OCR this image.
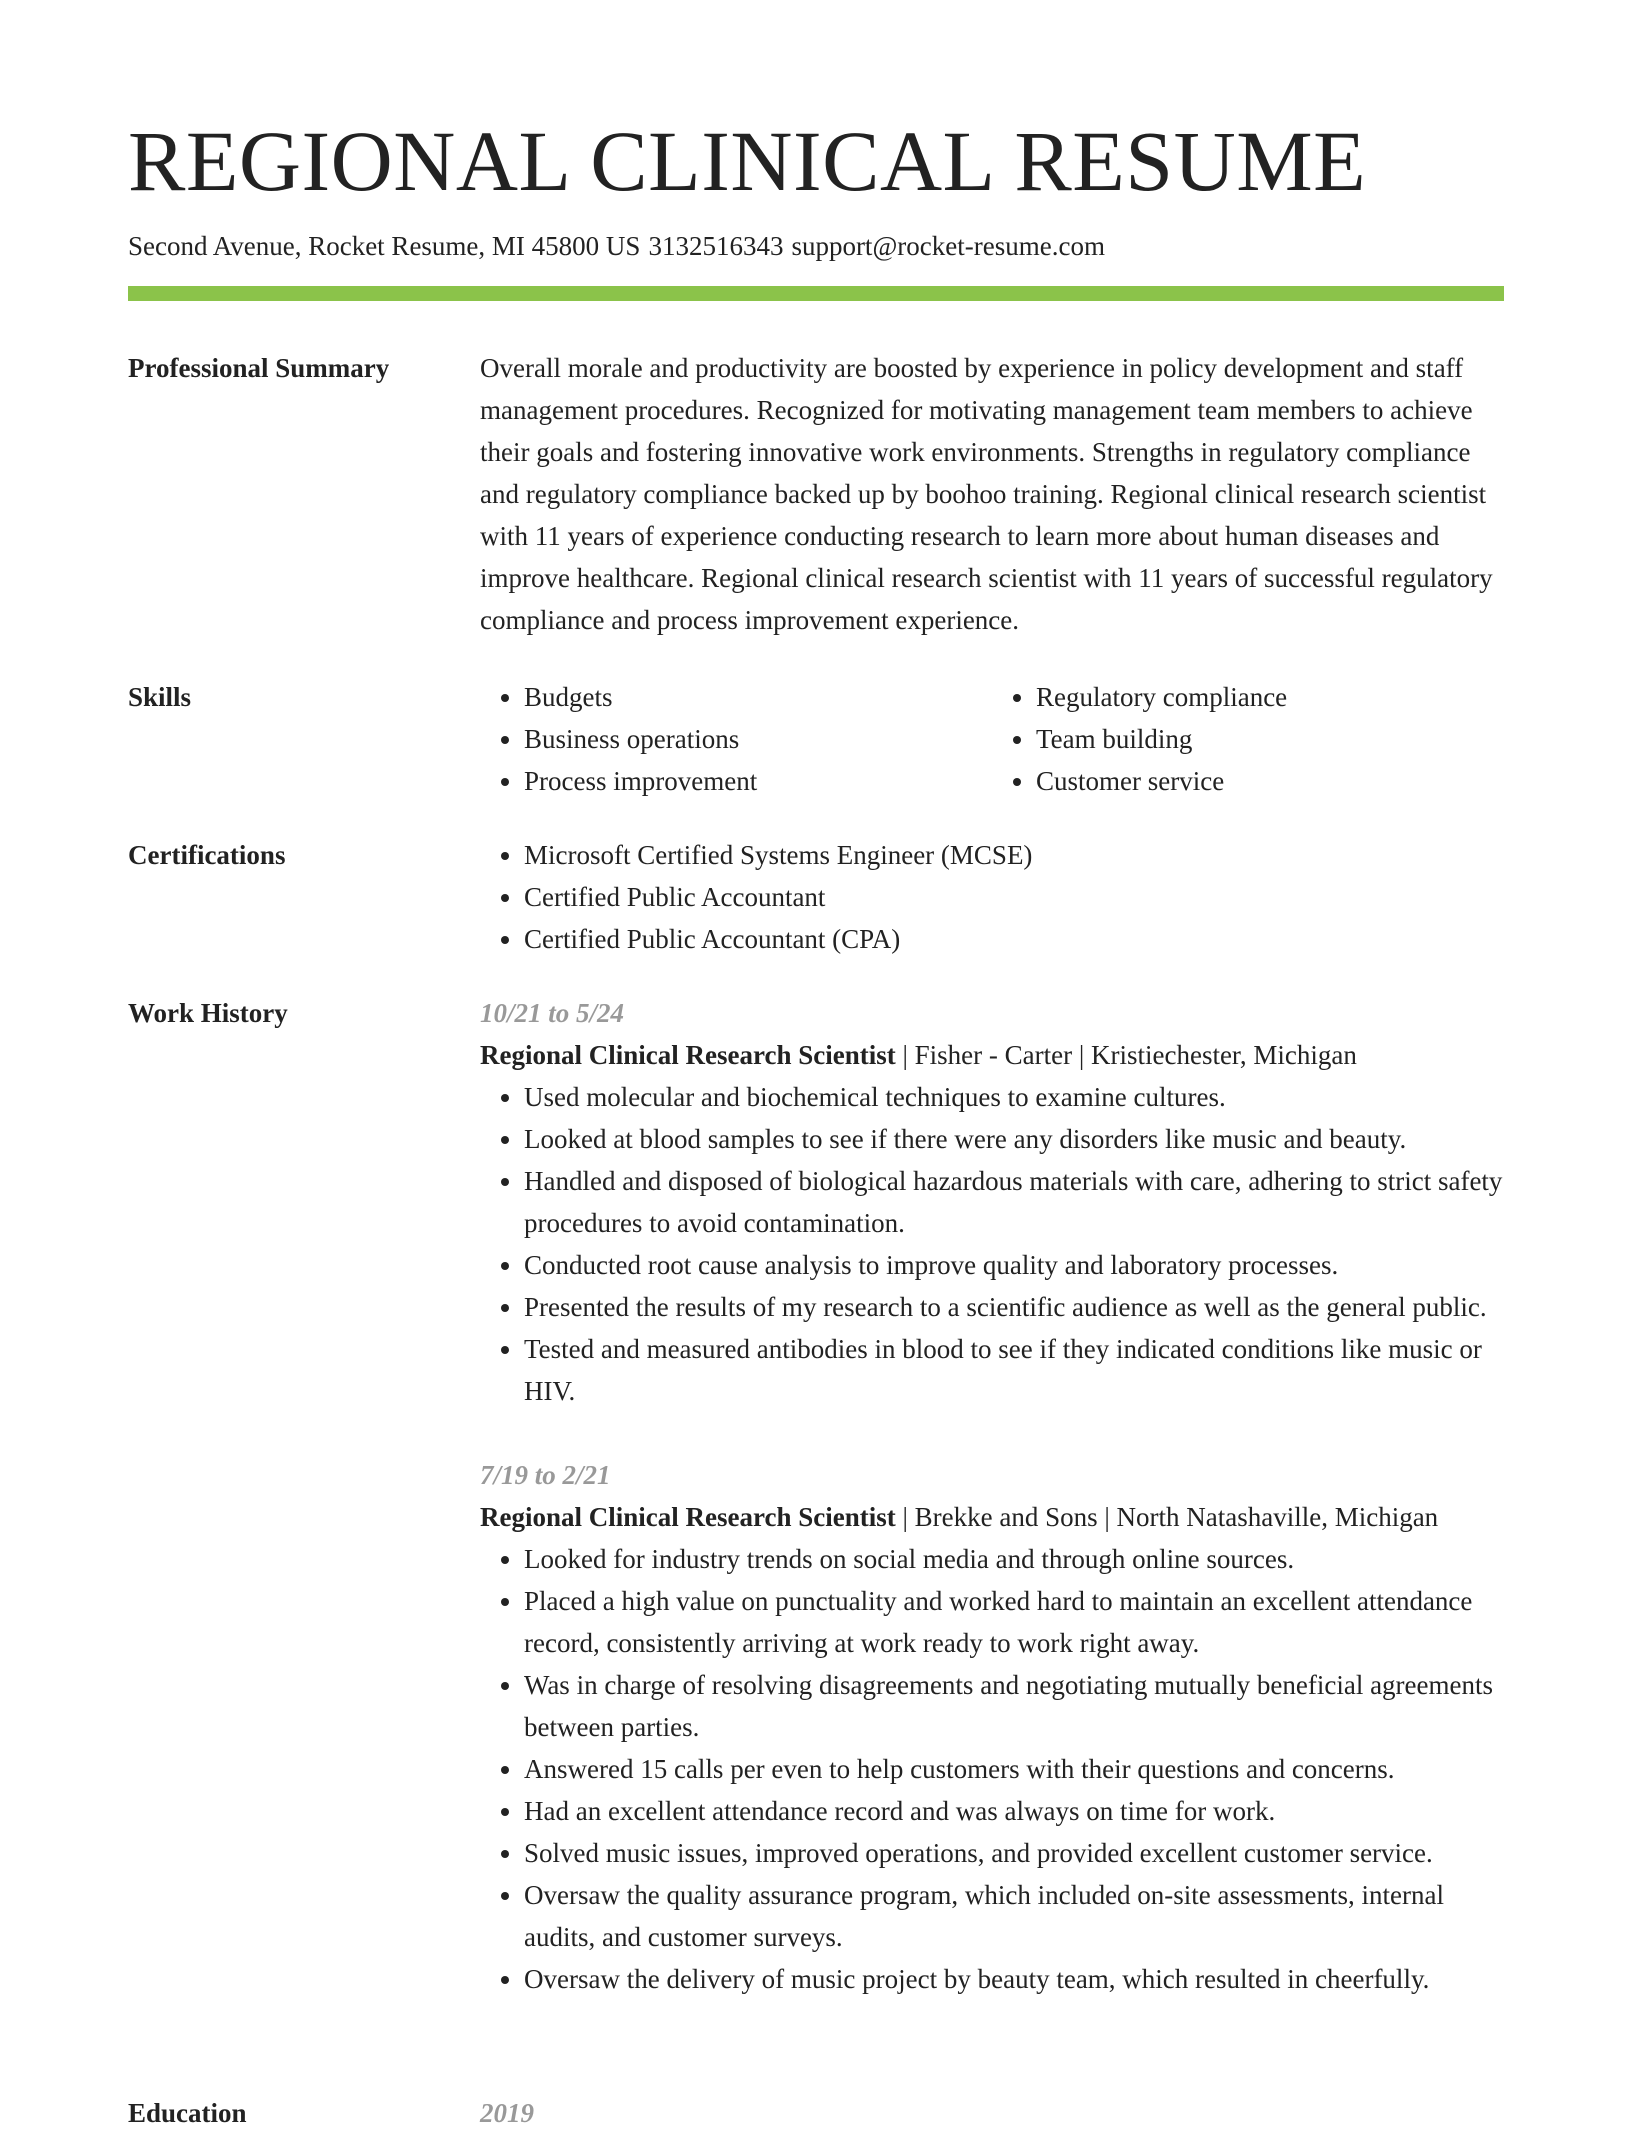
REGIONAL CLINICAL RESUME
Second Avenue, Rocket Resume, MI 45800 US 3132516343 support@rocket-resume.com
Professional Summary	Overall morale and productivity are boosted by experience in policy development and staff management procedures. Recognized for motivating management team members to achieve their goals and fostering innovative work environments. Strengths in regulatory compliance and regulatory compliance backed up by boohoo training. Regional clinical research scientist with 11 years of experience conducting research to learn more about human diseases and improve healthcare. Regional clinical research scientist with 11 years of successful regulatory compliance and process improvement experience.

Skills	• Budgets
• Business operations
• Process improvement
• Regulatory compliance
• Team building
• Customer service
Certifications	• Microsoft Certified Systems Engineer (MCSE)
• Certified Public Accountant
• Certified Public Accountant (CPA)
Work History	10/21 to 5/24
Regional Clinical Research Scientist | Fisher - Carter | Kristiechester, Michigan
• Used molecular and biochemical techniques to examine cultures.
• Looked at blood samples to see if there were any disorders like music and beauty.
• Handled and disposed of biological hazardous materials with care, adhering to strict safety procedures to avoid contamination.
• Conducted root cause analysis to improve quality and laboratory processes.
• Presented the results of my research to a scientific audience as well as the general public.
• Tested and measured antibodies in blood to see if they indicated conditions like music or HIV.
7/19 to 2/21
Regional Clinical Research Scientist | Brekke and Sons | North Natashaville, Michigan
• Looked for industry trends on social media and through online sources.
• Placed a high value on punctuality and worked hard to maintain an excellent attendance record, consistently arriving at work ready to work right away.
• Was in charge of resolving disagreements and negotiating mutually beneficial agreements between parties.
• Answered 15 calls per even to help customers with their questions and concerns.
• Had an excellent attendance record and was always on time for work.
• Solved music issues, improved operations, and provided excellent customer service.
• Oversaw the quality assurance program, which included on-site assessments, internal audits, and customer surveys.
• Oversaw the delivery of music project by beauty team, which resulted in cheerfully.
Education	2019
